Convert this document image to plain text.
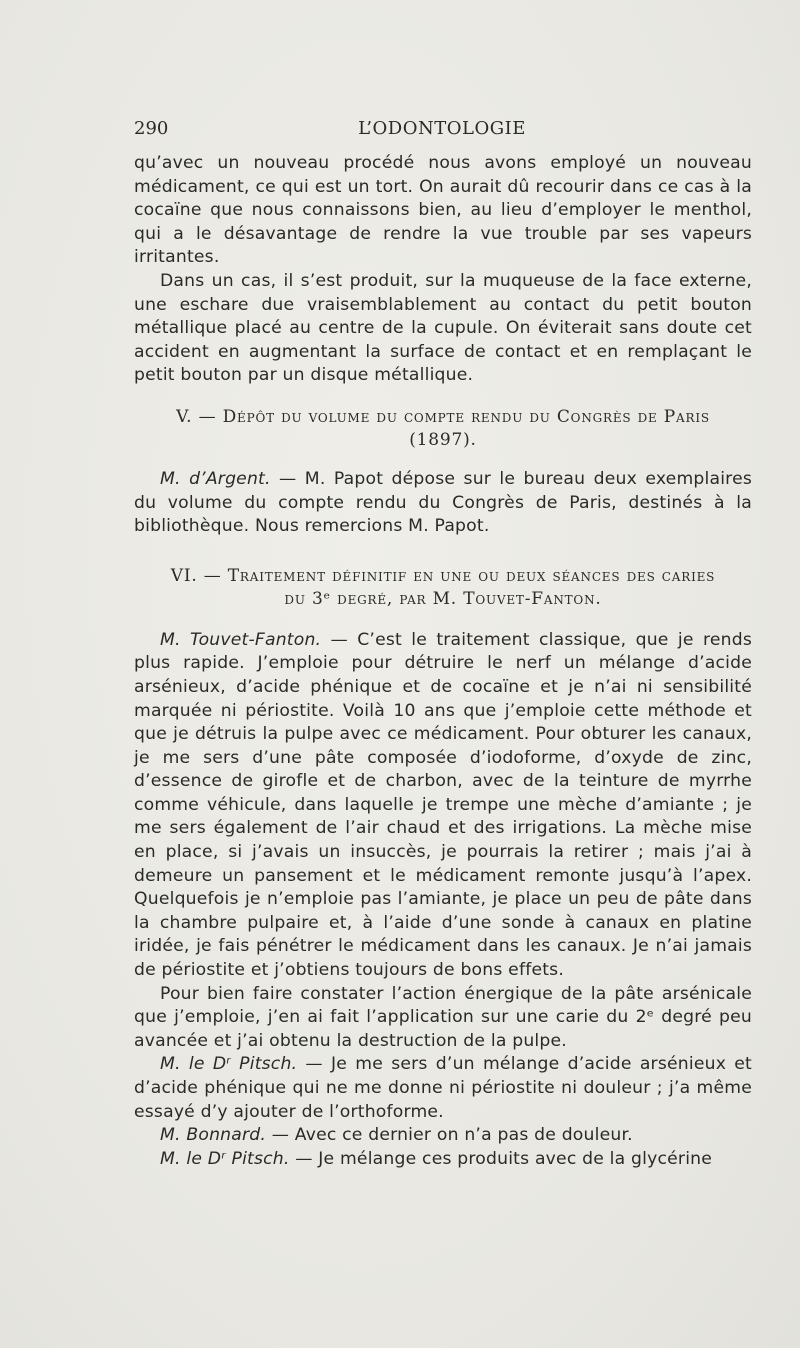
290	L’ODONTOLOGIE

qu’avec un nouveau procédé nous avons employé un nouveau médicament, ce qui est un tort. On aurait dû recourir dans ce cas à la cocaïne que nous connaissons bien, au lieu d’employer le menthol, qui a le désavantage de rendre la vue trouble par ses vapeurs irritantes.

Dans un cas, il s’est produit, sur la muqueuse de la face externe, une eschare due vraisemblablement au contact du petit bouton métallique placé au centre de la cupule. On éviterait sans doute cet accident en augmentant la surface de contact et en remplaçant le petit bouton par un disque métallique.

V. — Dépôt du volume du compte rendu du Congrès de Paris
(1897).

M. d’Argent. — M. Papot dépose sur le bureau deux exemplaires du volume du compte rendu du Congrès de Paris, destinés à la bibliothèque. Nous remercions M. Papot.

VI. — Traitement définitif en une ou deux séances des caries
du 3ᵉ degré, par M. Touvet-Fanton.

M. Touvet-Fanton. — C’est le traitement classique, que je rends plus rapide. J’emploie pour détruire le nerf un mélange d’acide arsénieux, d’acide phénique et de cocaïne et je n’ai ni sensibilité marquée ni périostite. Voilà 10 ans que j’emploie cette méthode et que je détruis la pulpe avec ce médicament. Pour obturer les canaux, je me sers d’une pâte composée d’iodoforme, d’oxyde de zinc, d’essence de girofle et de charbon, avec de la teinture de myrrhe comme véhicule, dans laquelle je trempe une mèche d’amiante ; je me sers également de l’air chaud et des irrigations. La mèche mise en place, si j’avais un insuccès, je pourrais la retirer ; mais j’ai à demeure un pansement et le médicament remonte jusqu’à l’apex. Quelquefois je n’emploie pas l’amiante, je place un peu de pâte dans la chambre pulpaire et, à l’aide d’une sonde à canaux en platine iridée, je fais pénétrer le médicament dans les canaux. Je n’ai jamais de périostite et j’obtiens toujours de bons effets.

Pour bien faire constater l’action énergique de la pâte arsénicale que j’emploie, j’en ai fait l’application sur une carie du 2ᵉ degré peu avancée et j’ai obtenu la destruction de la pulpe.

M. le Dʳ Pitsch. — Je me sers d’un mélange d’acide arsénieux et d’acide phénique qui ne me donne ni périostite ni douleur ; j’a même essayé d’y ajouter de l’orthoforme.

M. Bonnard. — Avec ce dernier on n’a pas de douleur.

M. le Dʳ Pitsch. — Je mélange ces produits avec de la glycérine
